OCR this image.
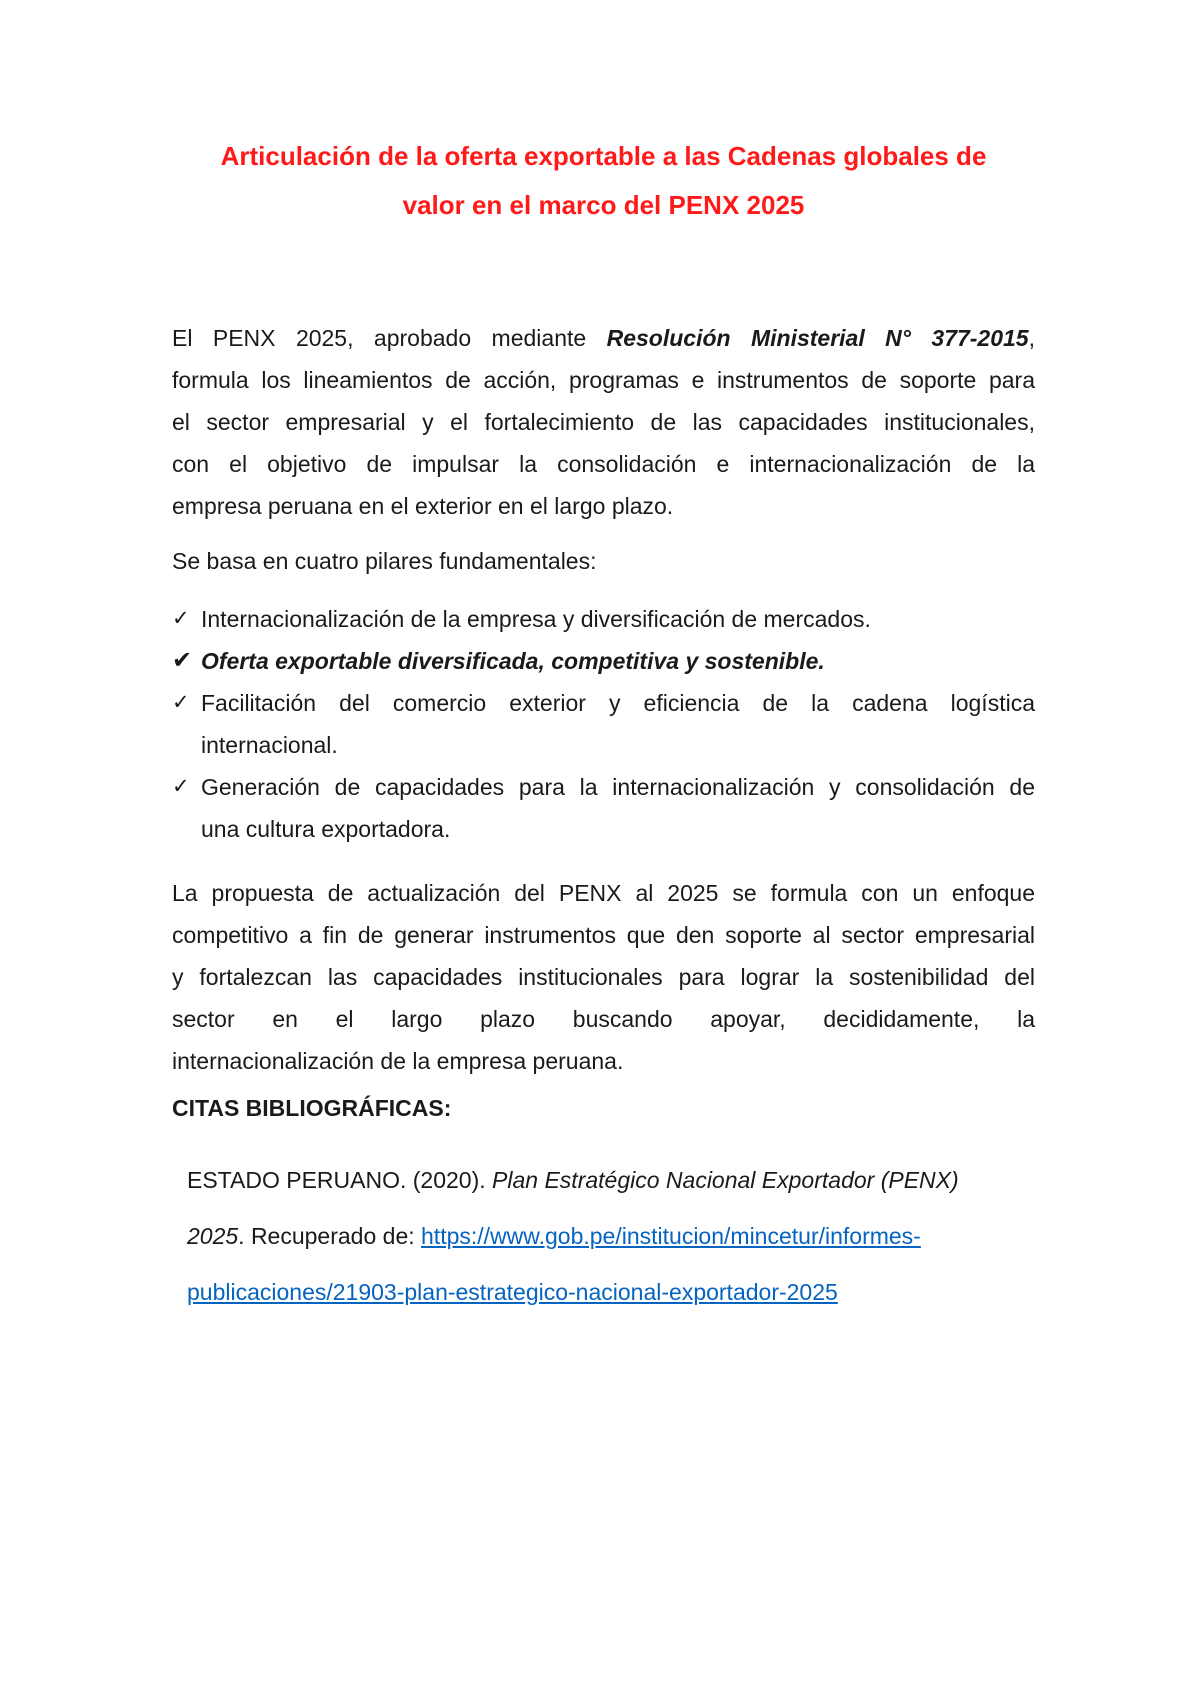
Articulación de la oferta exportable a las Cadenas globales de
valor en el marco del PENX 2025
El PENX 2025, aprobado mediante Resolución Ministerial N° 377-2015,
formula los lineamientos de acción, programas e instrumentos de soporte para
el sector empresarial y el fortalecimiento de las capacidades institucionales,
con el objetivo de impulsar la consolidación e internacionalización de la
empresa peruana en el exterior en el largo plazo.

Se basa en cuatro pilares fundamentales:

✓ Internacionalización de la empresa y diversificación de mercados.
✔ Oferta exportable diversificada, competitiva y sostenible.
✓ Facilitación del comercio exterior y eficiencia de la cadena logística
internacional.
✓ Generación de capacidades para la internacionalización y consolidación de
una cultura exportadora.
La propuesta de actualización del PENX al 2025 se formula con un enfoque
competitivo a fin de generar instrumentos que den soporte al sector empresarial
y fortalezcan las capacidades institucionales para lograr la sostenibilidad del
sector en el largo plazo buscando apoyar, decididamente, la
internacionalización de la empresa peruana.
CITAS BIBLIOGRÁFICAS:
ESTADO PERUANO. (2020). Plan Estratégico Nacional Exportador (PENX)
2025. Recuperado de: https://www.gob.pe/institucion/mincetur/informes-
publicaciones/21903-plan-estrategico-nacional-exportador-2025
